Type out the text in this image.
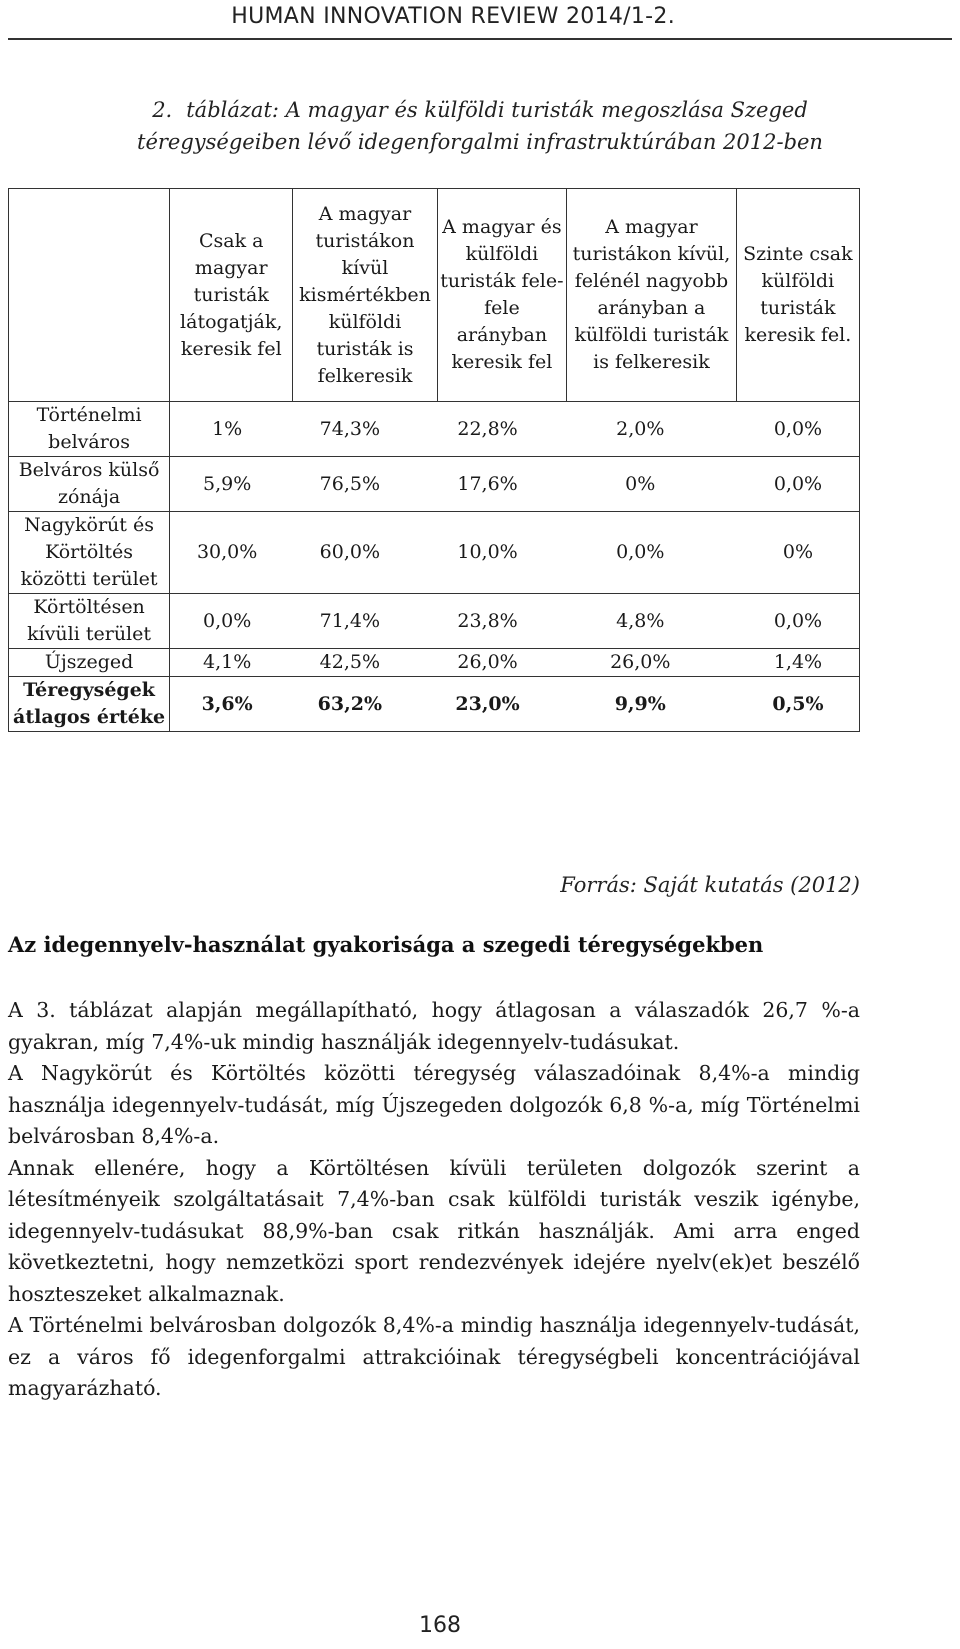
HUMAN INNOVATION REVIEW 2014/1-2.
2. táblázat: A magyar és külföldi turisták megoszlása Szeged
téregységeiben lévő idegenforgalmi infrastruktúrában 2012-ben
	Csak a magyar turisták látogatják, keresik fel	A magyar turistákon kívül kismértékben külföldi turisták is felkeresik	A magyar és külföldi turisták fele-fele arányban keresik fel	A magyar turistákon kívül, felénél nagyobb arányban a külföldi turisták is felkeresik	Szinte csak külföldi turisták keresik fel.
Történelmi belváros	1% 74,3% 22,8% 2,0% 0,0%				

Belváros külső zónája	5,9% 76,5% 17,6% 0% 0,0%				

Nagykörút és Körtöltés közötti terület	30,0% 60,0% 10,0% 0,0% 0%				

Körtöltésen kívüli terület	0,0% 71,4% 23,8% 4,8% 0,0%				

Újszeged	4,1% 42,5% 26,0% 26,0% 1,4%				

Téregységek átlagos értéke	3,6% 63,2% 23,0% 9,9% 0,5%				
Forrás: Saját kutatás (2012)
Az idegennyelv-használat gyakorisága a szegedi téregységekben

A 3. táblázat alapján megállapítható, hogy átlagosan a válaszadók 26,7 %-a gyakran, míg 7,4%-uk mindig használják idegennyelv-tudásukat.

A Nagykörút és Körtöltés közötti téregység válaszadóinak 8,4%-a mindig használja idegennyelv-tudását, míg Újszegeden dolgozók 6,8 %-a, míg Történelmi belvárosban 8,4%-a.

Annak ellenére, hogy a Körtöltésen kívüli területen dolgozók szerint a létesítményeik szolgáltatásait 7,4%-ban csak külföldi turisták veszik igénybe, idegennyelv-tudásukat 88,9%-ban csak ritkán használják. Ami arra enged következtetni, hogy nemzetközi sport rendezvények idejére nyelv(ek)et beszélő hoszteszeket alkalmaznak.

A Történelmi belvárosban dolgozók 8,4%-a mindig használja idegennyelv-tudását, ez a város fő idegenforgalmi attrakcióinak téregységbeli koncentrációjával magyarázható.

168
